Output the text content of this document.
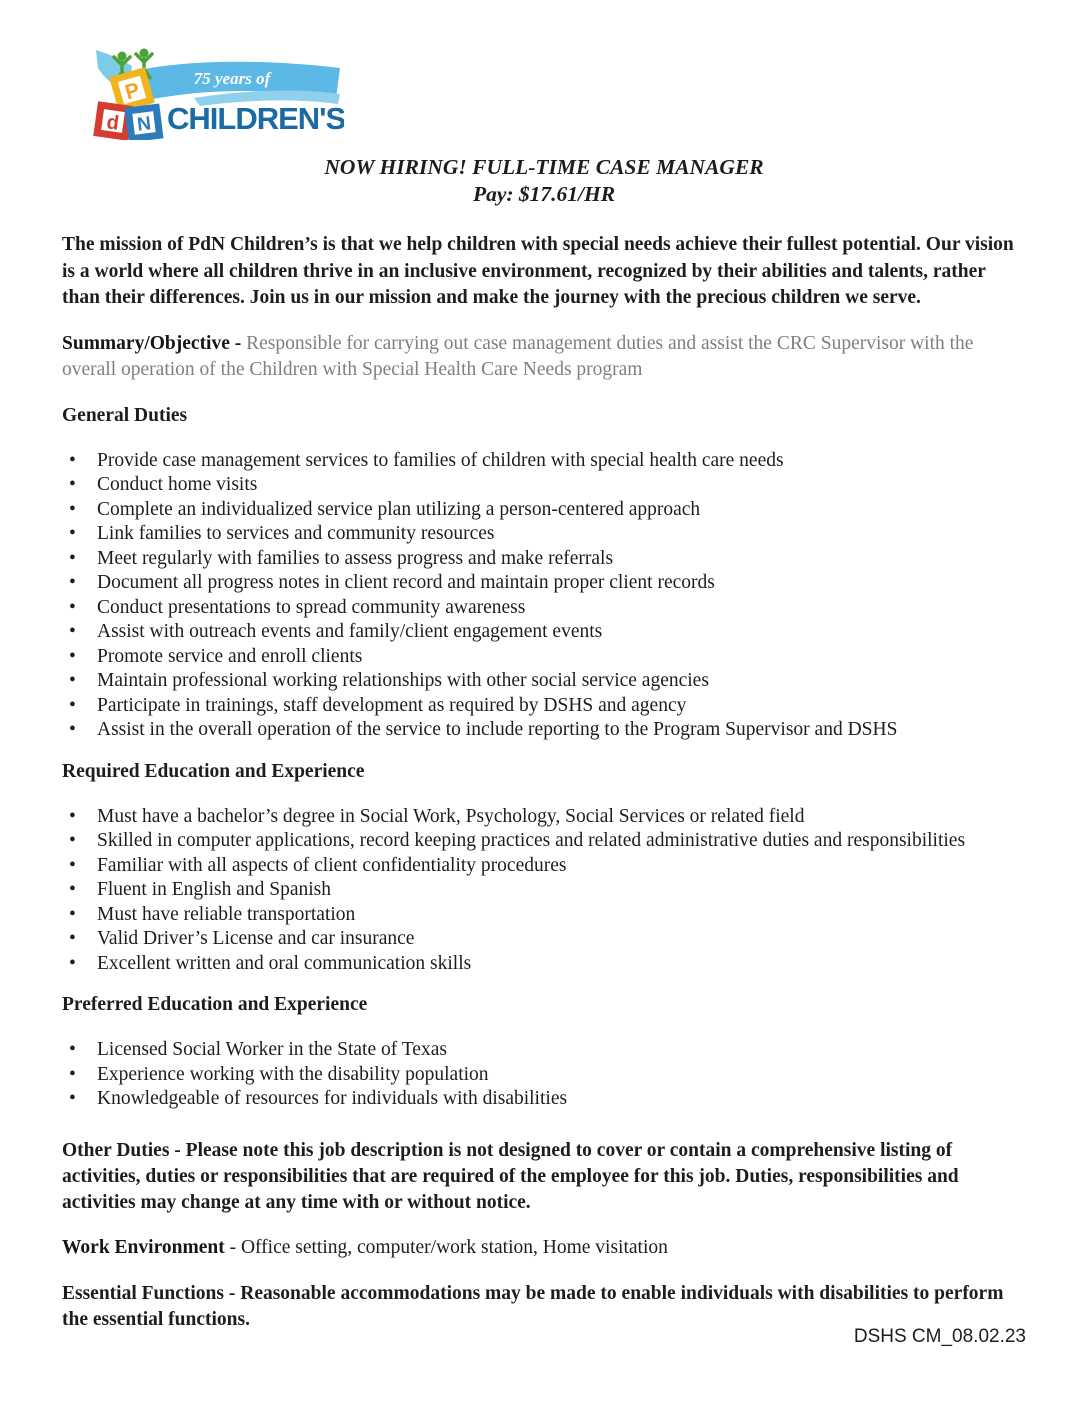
75 years of
P
d N CHILDREN'S
NOW HIRING! FULL-TIME CASE MANAGER
Pay: $17.61/HR

The mission of PdN Children’s is that we help children with special needs achieve their fullest potential. Our vision is a world where all children thrive in an inclusive environment, recognized by their abilities and talents, rather than their differences. Join us in our mission and make the journey with the precious children we serve.

Summary/Objective - Responsible for carrying out case management duties and assist the CRC Supervisor with the overall operation of the Children with Special Health Care Needs program

General Duties
• Provide case management services to families of children with special health care needs
• Conduct home visits
• Complete an individualized service plan utilizing a person-centered approach
• Link families to services and community resources
• Meet regularly with families to assess progress and make referrals
• Document all progress notes in client record and maintain proper client records
• Conduct presentations to spread community awareness
• Assist with outreach events and family/client engagement events
• Promote service and enroll clients
• Maintain professional working relationships with other social service agencies
• Participate in trainings, staff development as required by DSHS and agency
• Assist in the overall operation of the service to include reporting to the Program Supervisor and DSHS
Required Education and Experience
• Must have a bachelor’s degree in Social Work, Psychology, Social Services or related field
• Skilled in computer applications, record keeping practices and related administrative duties and responsibilities
• Familiar with all aspects of client confidentiality procedures
• Fluent in English and Spanish
• Must have reliable transportation
• Valid Driver’s License and car insurance
• Excellent written and oral communication skills
Preferred Education and Experience
• Licensed Social Worker in the State of Texas
• Experience working with the disability population
• Knowledgeable of resources for individuals with disabilities

Other Duties - Please note this job description is not designed to cover or contain a comprehensive listing of activities, duties or responsibilities that are required of the employee for this job. Duties, responsibilities and activities may change at any time with or without notice.

Work Environment - Office setting, computer/work station, Home visitation

Essential Functions - Reasonable accommodations may be made to enable individuals with disabilities to perform the essential functions.

DSHS CM_08.02.23
